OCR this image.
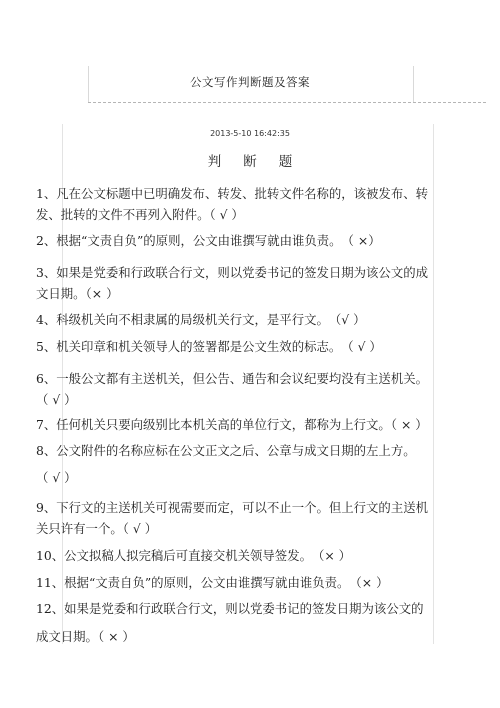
公文写作判断题及答案
2013-5-10 16:42:35
判断题

1、凡在公文标题中已明确发布、转发、批转文件名称的，该被发布、转发、批转的文件不再列入附件。（ √ ）

2、根据“文责自负”的原则，公文由谁撰写就由谁负责。　（ ×）

3、如果是党委和行政联合行文，则以党委书记的签发日期为该公文的成文日期。（× ）

4、科级机关向不相隶属的局级机关行文，是平行文。　（√ ）

5、机关印章和机关领导人的签署都是公文生效的标志。　（ √ ）

6、一般公文都有主送机关，但公告、通告和会议纪要均没有主送机关。（ √ ）

7、任何机关只要向级别比本机关高的单位行文，都称为上行文。（ × ）

8、公文附件的名称应标在公文正文之后、公章与成文日期的左上方。

（ √ ）

9、下行文的主送机关可视需要而定，可以不止一个。但上行文的主送机关只许有一个。（ √ ）

10、公文拟稿人拟完稿后可直接交机关领导签发。　（× ）

11、根据“文责自负”的原则，公文由谁撰写就由谁负责。　（× ）

12、如果是党委和行政联合行文，则以党委书记的签发日期为该公文的

成文日期。（ × ）
